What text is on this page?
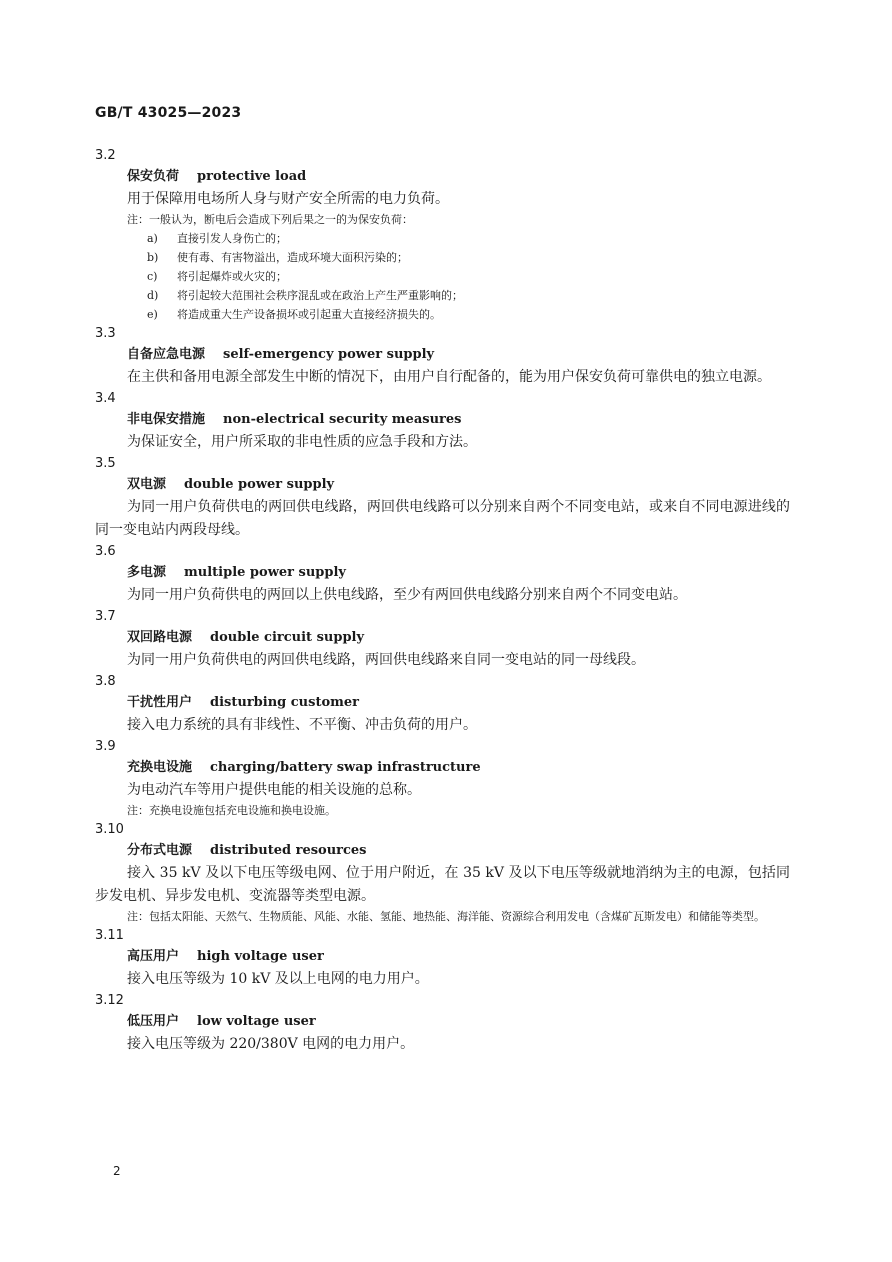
GB/T 43025—2023
3.2
保安负荷 protective load
用于保障用电场所人身与财产安全所需的电力负荷。
注：一般认为，断电后会造成下列后果之一的为保安负荷：
a) 直接引发人身伤亡的；
b) 使有毒、有害物溢出，造成环境大面积污染的；
c) 将引起爆炸或火灾的；
d) 将引起较大范围社会秩序混乱或在政治上产生严重影响的；
e) 将造成重大生产设备损坏或引起重大直接经济损失的。
3.3
自备应急电源 self-emergency power supply
在主供和备用电源全部发生中断的情况下，由用户自行配备的，能为用户保安负荷可靠供电的独立电源。
3.4
非电保安措施 non-electrical security measures
为保证安全，用户所采取的非电性质的应急手段和方法。
3.5
双电源 double power supply
为同一用户负荷供电的两回供电线路，两回供电线路可以分别来自两个不同变电站，或来自不同电源进线的同一变电站内两段母线。
3.6
多电源 multiple power supply
为同一用户负荷供电的两回以上供电线路，至少有两回供电线路分别来自两个不同变电站。
3.7
双回路电源 double circuit supply
为同一用户负荷供电的两回供电线路，两回供电线路来自同一变电站的同一母线段。
3.8
干扰性用户 disturbing customer
接入电力系统的具有非线性、不平衡、冲击负荷的用户。
3.9
充换电设施 charging/battery swap infrastructure
为电动汽车等用户提供电能的相关设施的总称。
注：充换电设施包括充电设施和换电设施。
3.10
分布式电源 distributed resources
接入 35 kV 及以下电压等级电网、位于用户附近，在 35 kV 及以下电压等级就地消纳为主的电源，包括同步发电机、异步发电机、变流器等类型电源。
注：包括太阳能、天然气、生物质能、风能、水能、氢能、地热能、海洋能、资源综合利用发电（含煤矿瓦斯发电）和储能等类型。
3.11
高压用户 high voltage user
接入电压等级为 10 kV 及以上电网的电力用户。
3.12
低压用户 low voltage user
接入电压等级为 220/380V 电网的电力用户。
2
